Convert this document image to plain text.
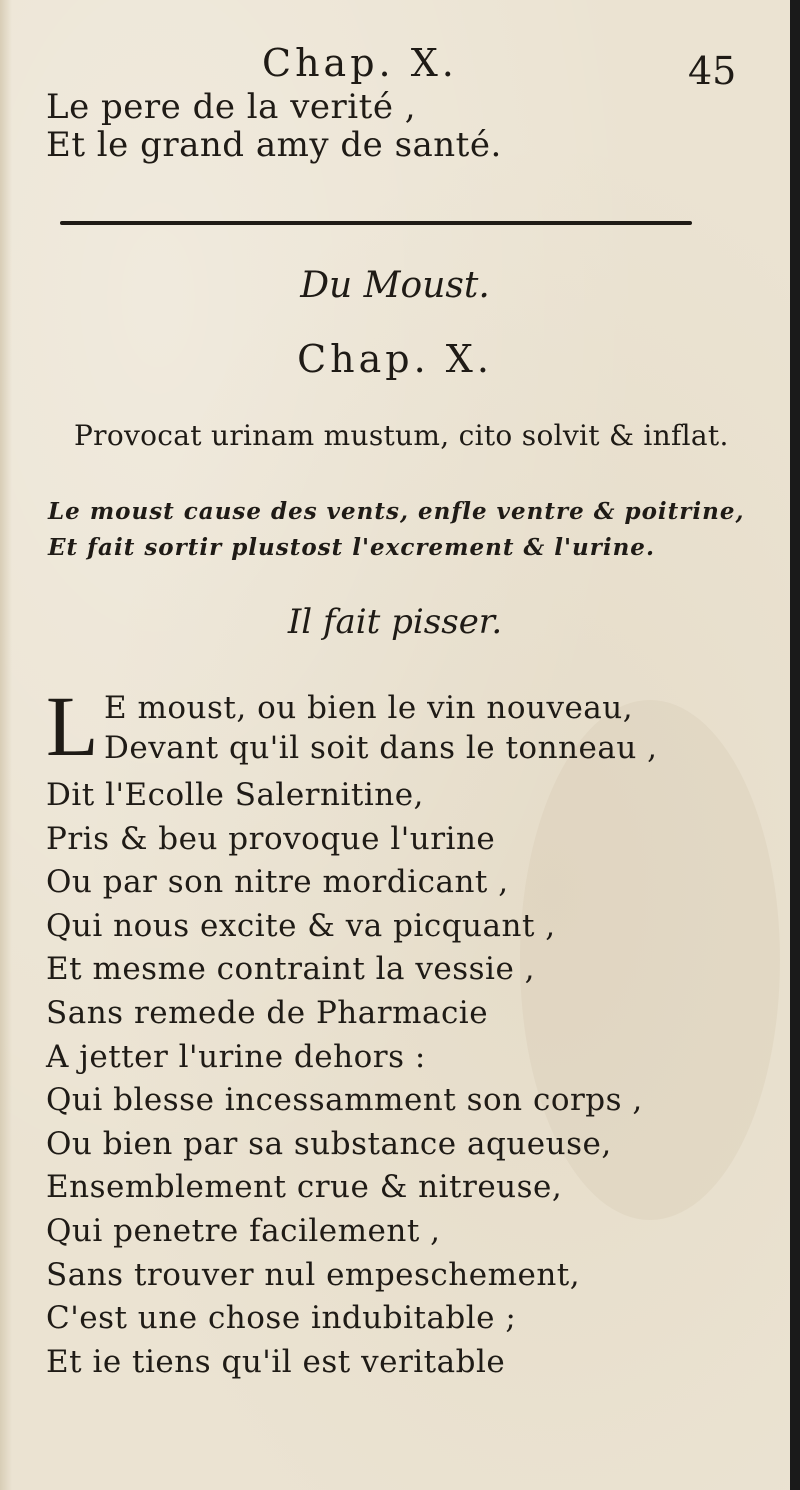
Chap. X.	45
Le pere de la verité ,
Et le grand amy de santé.
Du Moust.
Chap. X.
Provocat urinam mustum, cito solvit & inflat.
Le moust cause des vents, enfle ventre & poitrine,
Et fait sortir plustost l'excrement & l'urine.
Il fait pisser.
L E moust, ou bien le vin nouveau,
Devant qu'il soit dans le tonneau ,
Dit l'Ecolle Salernitine,
Pris & beu provoque l'urine
Ou par son nitre mordicant ,
Qui nous excite & va picquant ,
Et mesme contraint la vessie ,
Sans remede de Pharmacie
A jetter l'urine dehors :
Qui blesse incessamment son corps ,
Ou bien par sa substance aqueuse,
Ensemblement crue & nitreuse,
Qui penetre facilement ,
Sans trouver nul empeschement,
C'est une chose indubitable ;
Et ie tiens qu'il est veritable
